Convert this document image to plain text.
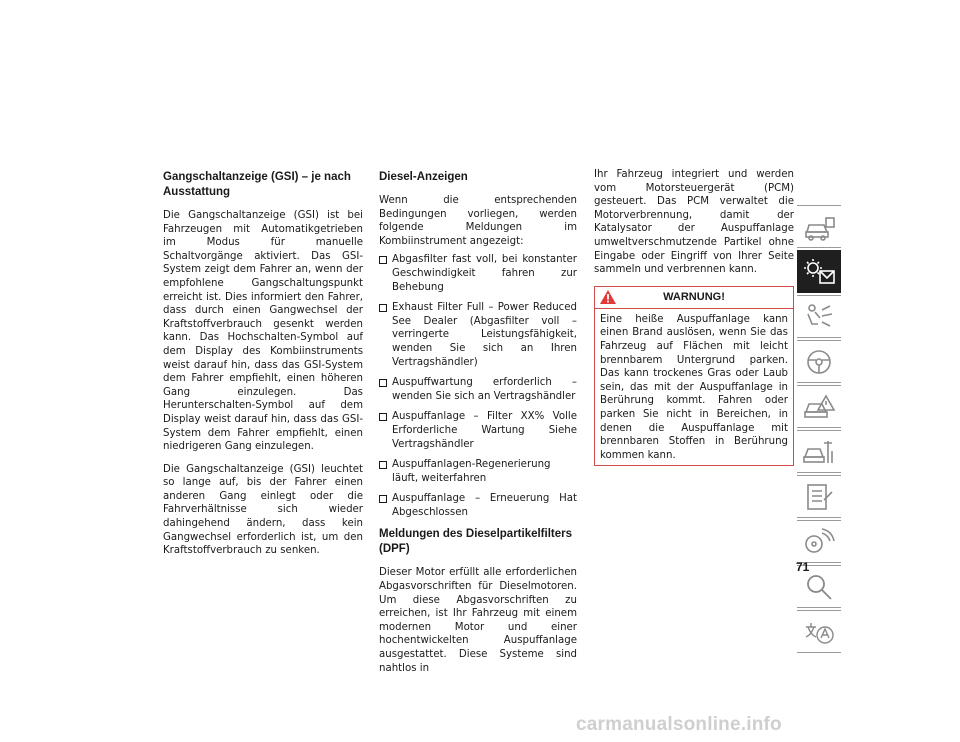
Gangschaltanzeige (GSI) – je nach Ausstattung

Die Gangschaltanzeige (GSI) ist bei Fahrzeugen mit Automatikgetrieben im Modus für manuelle Schaltvorgänge aktiviert. Das GSI-System zeigt dem Fahrer an, wenn der empfohlene Gangschaltungspunkt erreicht ist. Dies informiert den Fahrer, dass durch einen Gangwechsel der Kraftstoffverbrauch gesenkt werden kann. Das Hochschalten-Symbol auf dem Display des Kombiinstruments weist darauf hin, dass das GSI-System dem Fahrer empfiehlt, einen höheren Gang einzulegen. Das Herunterschalten-Symbol auf dem Display weist darauf hin, dass das GSI-System dem Fahrer empfiehlt, einen niedrigeren Gang einzulegen.

Die Gangschaltanzeige (GSI) leuchtet so lange auf, bis der Fahrer einen anderen Gang einlegt oder die Fahrverhältnisse sich wieder dahingehend ändern, dass kein Gangwechsel erforderlich ist, um den Kraftstoffverbrauch zu senken.

Diesel-Anzeigen

Wenn die entsprechenden Bedingungen vorliegen, werden folgende Meldungen im Kombiinstrument angezeigt:

Abgasfilter fast voll, bei konstanter Geschwindigkeit fahren zur Behebung
Exhaust Filter Full – Power Reduced See Dealer (Abgasfilter voll – verringerte Leistungsfähigkeit, wenden Sie sich an Ihren Vertragshändler)
Auspuffwartung erforderlich – wenden Sie sich an Vertragshändler
Auspuffanlage – Filter XX% Volle Erforderliche Wartung Siehe Vertragshändler
Auspuffanlagen-Regenerierung läuft, weiterfahren
Auspuffanlage – Erneuerung Hat Abgeschlossen
Meldungen des Dieselpartikelfilters (DPF)

Dieser Motor erfüllt alle erforderlichen Abgasvorschriften für Dieselmotoren. Um diese Abgasvorschriften zu erreichen, ist Ihr Fahrzeug mit einem modernen Motor und einer hochentwickelten Auspuffanlage ausgestattet. Diese Systeme sind nahtlos in

Ihr Fahrzeug integriert und werden vom Motorsteuergerät (PCM) gesteuert. Das PCM verwaltet die Motorverbrennung, damit der Katalysator der Auspuffanlage umweltverschmutzende Partikel ohne Eingabe oder Eingriff von Ihrer Seite sammeln und verbrennen kann.

WARNUNG!
Eine heiße Auspuffanlage kann einen Brand auslösen, wenn Sie das Fahrzeug auf Flächen mit leicht brennbarem Untergrund parken. Das kann trockenes Gras oder Laub sein, das mit der Auspuffanlage in Berührung kommt. Fahren oder parken Sie nicht in Bereichen, in denen die Auspuffanlage mit brennbaren Stoffen in Berührung kommen kann.
71
carmanualsonline.info
